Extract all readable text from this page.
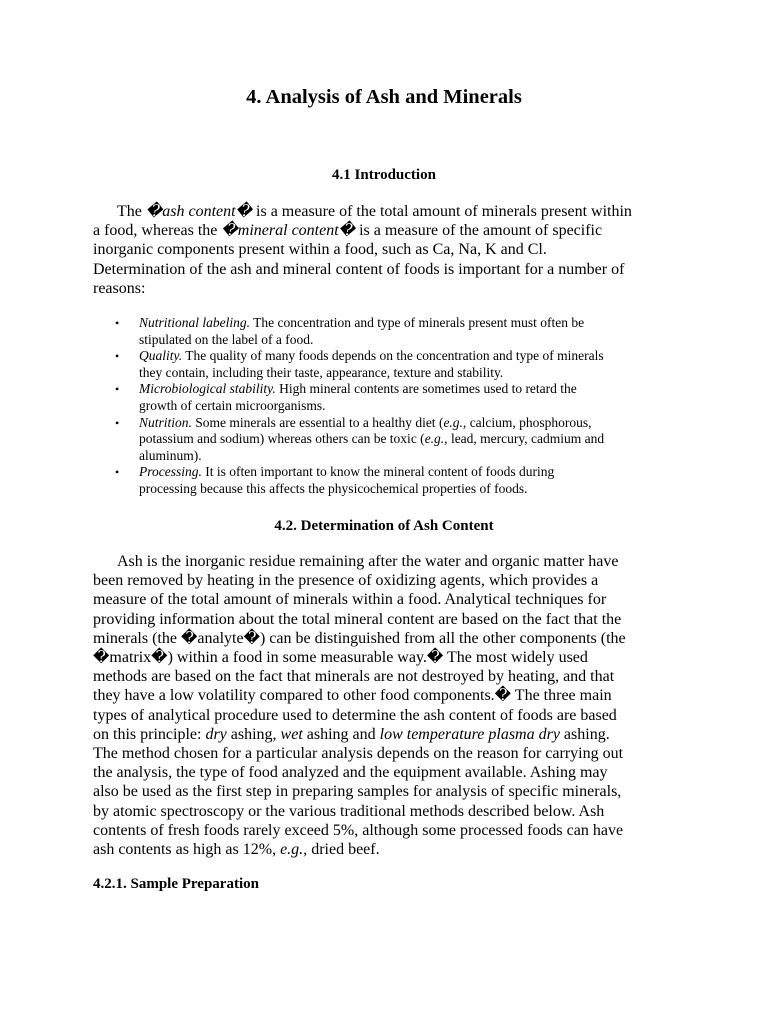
4. Analysis of Ash and Minerals
4.1 Introduction
The �ash content� is a measure of the total amount of minerals present within
a food, whereas the �mineral content� is a measure of the amount of specific
inorganic components present within a food, such as Ca, Na, K and Cl.
Determination of the ash and mineral content of foods is important for a number of
reasons:
• Nutritional labeling. The concentration and type of minerals present must often be
stipulated on the label of a food.
• Quality. The quality of many foods depends on the concentration and type of minerals
they contain, including their taste, appearance, texture and stability.
• Microbiological stability. High mineral contents are sometimes used to retard the
growth of certain microorganisms.
• Nutrition. Some minerals are essential to a healthy diet (e.g., calcium, phosphorous,
potassium and sodium) whereas others can be toxic (e.g., lead, mercury, cadmium and
aluminum).
• Processing. It is often important to know the mineral content of foods during
processing because this affects the physicochemical properties of foods.
4.2. Determination of Ash Content
Ash is the inorganic residue remaining after the water and organic matter have
been removed by heating in the presence of oxidizing agents, which provides a
measure of the total amount of minerals within a food. Analytical techniques for
providing information about the total mineral content are based on the fact that the
minerals (the �analyte�) can be distinguished from all the other components (the
�matrix�) within a food in some measurable way.� The most widely used
methods are based on the fact that minerals are not destroyed by heating, and that
they have a low volatility compared to other food components.� The three main
types of analytical procedure used to determine the ash content of foods are based
on this principle: dry ashing, wet ashing and low temperature plasma dry ashing.
The method chosen for a particular analysis depends on the reason for carrying out
the analysis, the type of food analyzed and the equipment available. Ashing may
also be used as the first step in preparing samples for analysis of specific minerals,
by atomic spectroscopy or the various traditional methods described below. Ash
contents of fresh foods rarely exceed 5%, although some processed foods can have
ash contents as high as 12%, e.g., dried beef.
4.2.1. Sample Preparation
